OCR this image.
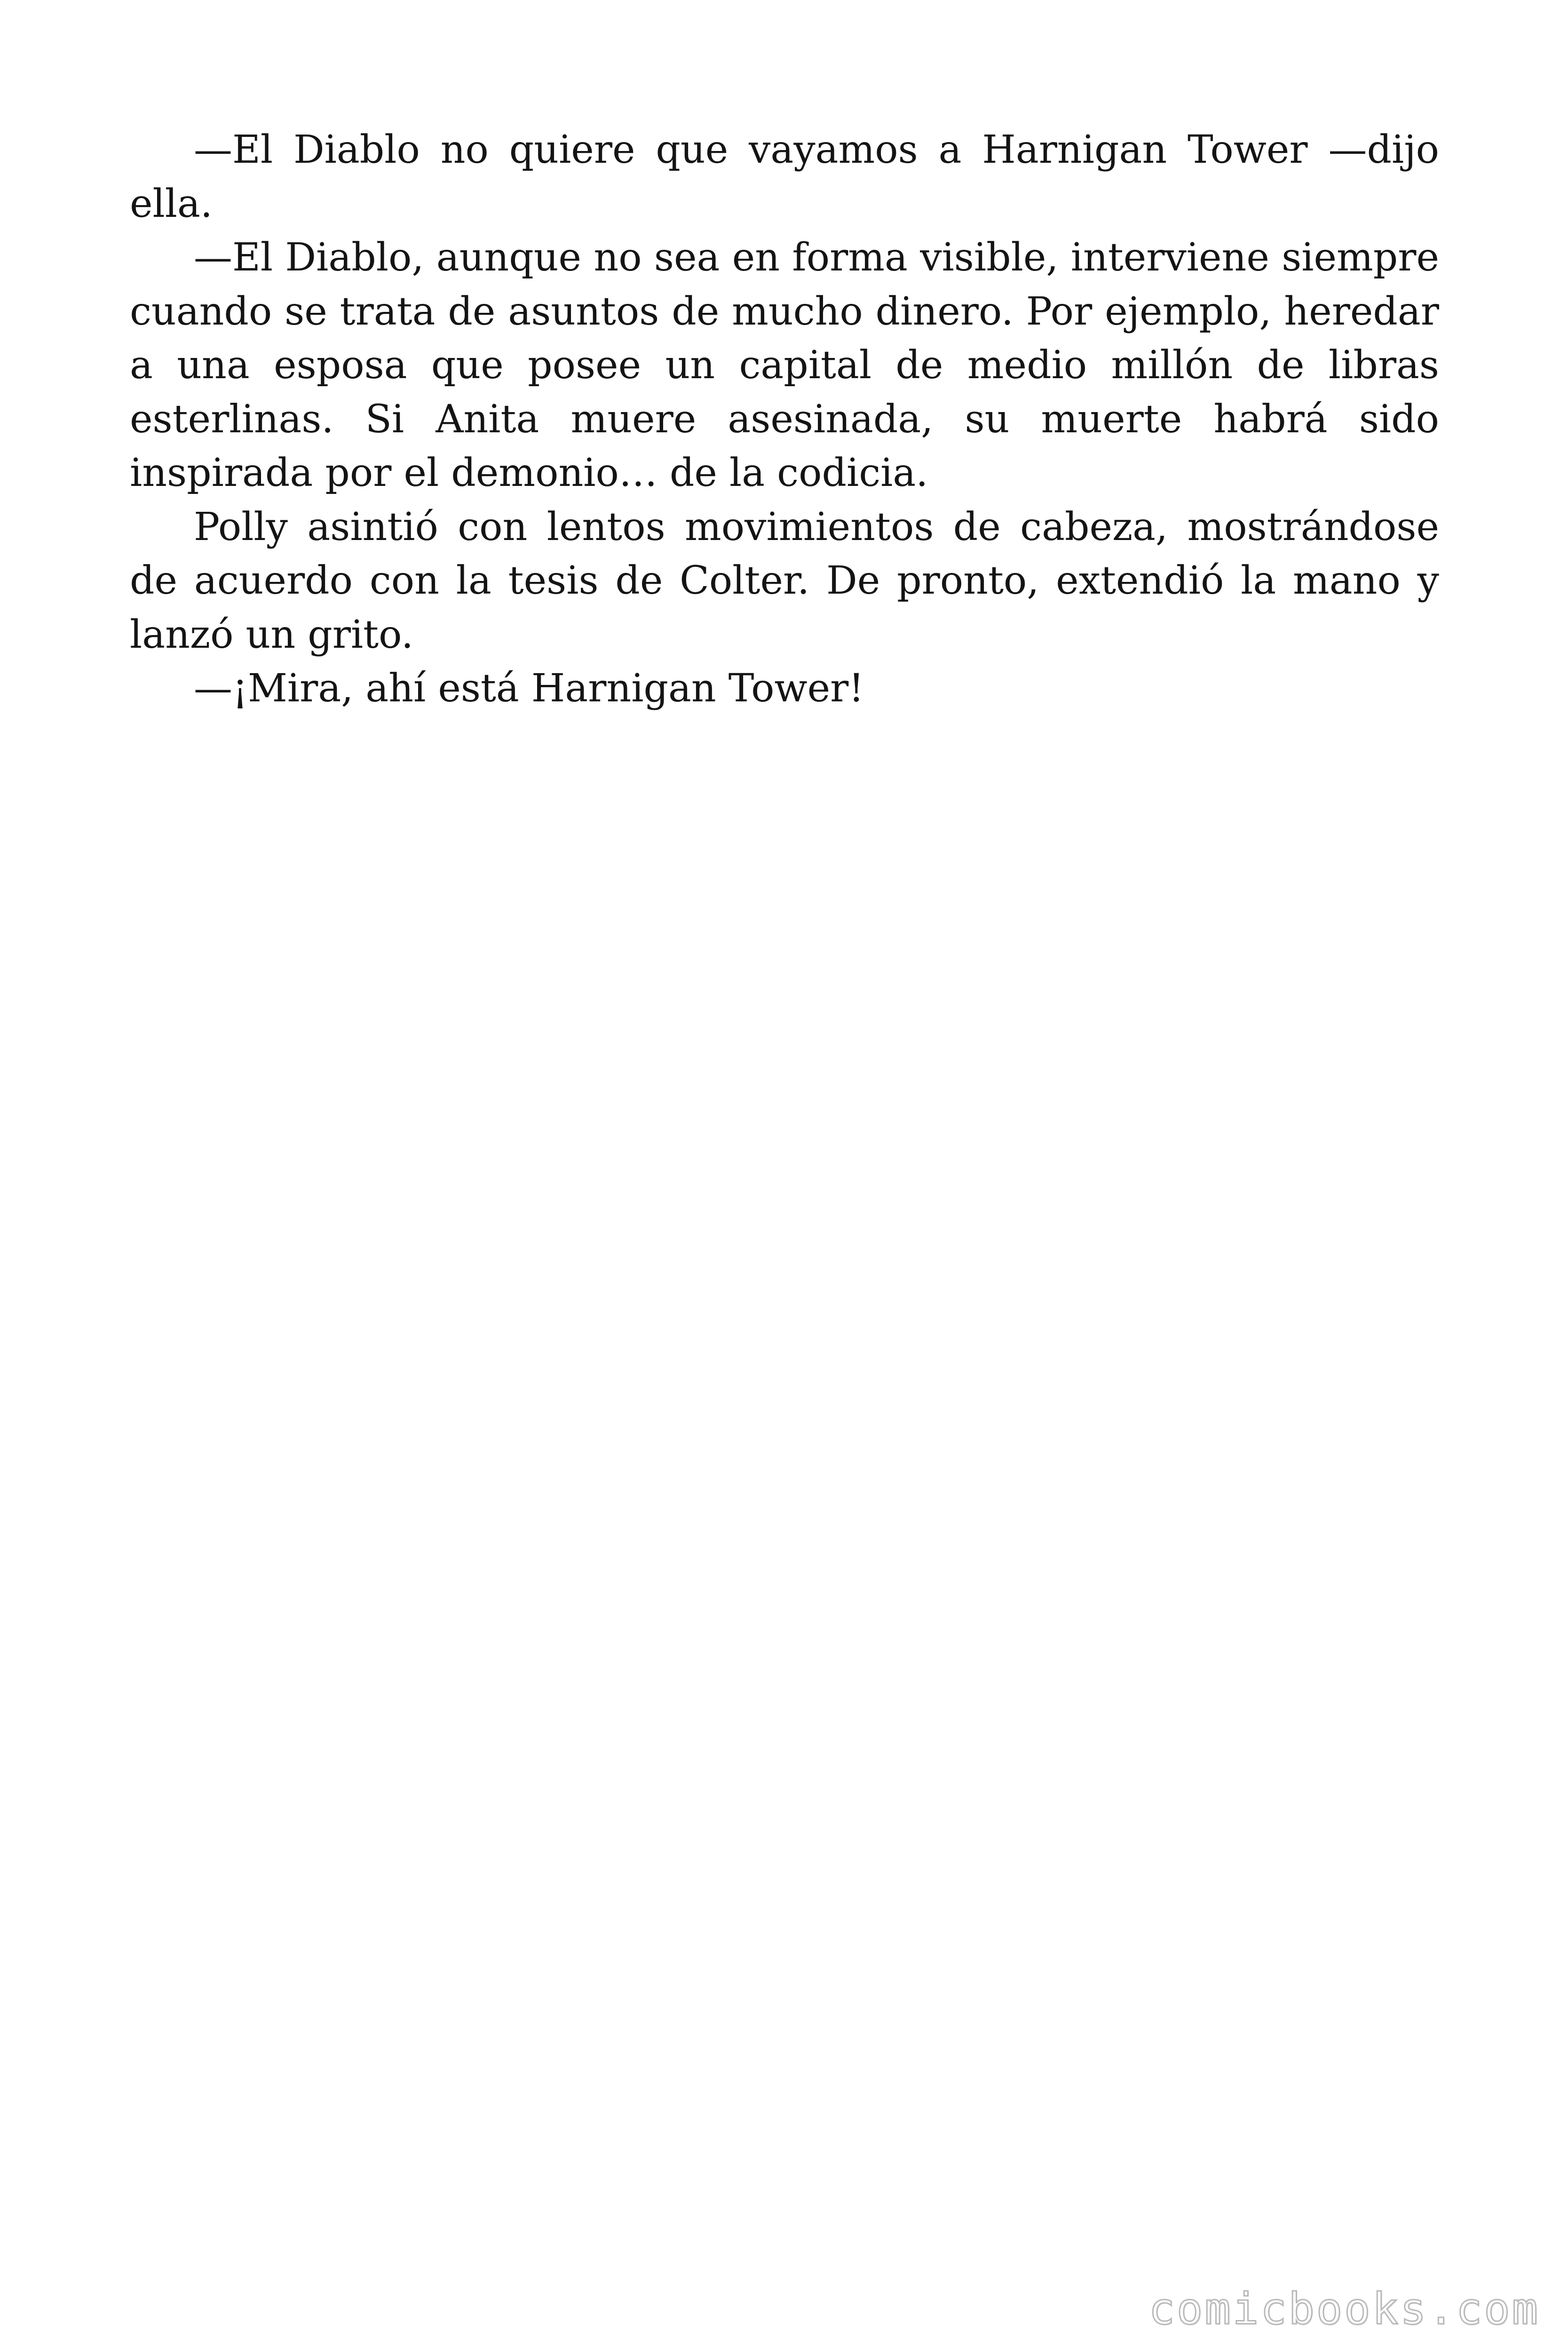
—El Diablo no quiere que vayamos a Harnigan Tower —dijo ella.

—El Diablo, aunque no sea en forma visible, interviene siempre cuando se trata de asuntos de mucho dinero. Por ejemplo, heredar a una esposa que posee un capital de medio millón de libras esterlinas. Si Anita muere asesinada, su muerte habrá sido inspirada por el demonio… de la codicia.

Polly asintió con lentos movimientos de cabeza, mostrándose de acuerdo con la tesis de Colter. De pronto, extendió la mano y lanzó un grito.

—¡Mira, ahí está Harnigan Tower!

comicbooks.com
